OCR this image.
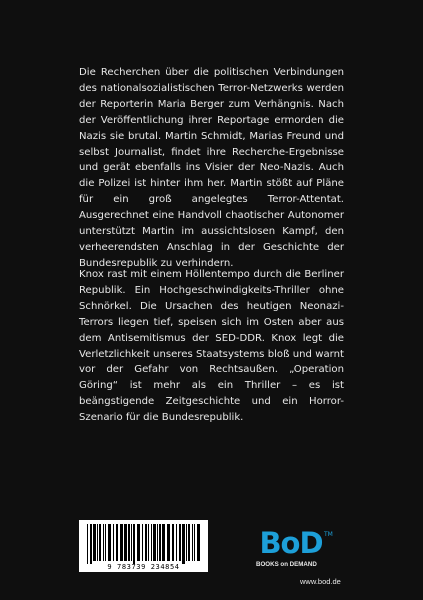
Die Recherchen über die politischen Verbindungen des nationalsozialistischen Terror-Netzwerks werden der Reporterin Maria Berger zum Verhängnis. Nach der Veröffentlichung ihrer Reportage ermorden die Nazis sie brutal. Martin Schmidt, Marias Freund und selbst Journalist, findet ihre Recherche-Ergebnisse und gerät ebenfalls ins Visier der Neo-Nazis. Auch die Polizei ist hinter ihm her. Martin stößt auf Pläne für ein groß angelegtes Terror-Attentat. Ausgerechnet eine Handvoll chaotischer Autonomer unterstützt Martin im aussichtslosen Kampf, den verheerendsten Anschlag in der Geschichte der Bundesrepublik zu verhindern.

Knox rast mit einem Höllentempo durch die Berliner Republik. Ein Hochgeschwindigkeits-Thriller ohne Schnörkel. Die Ursachen des heutigen Neonazi-Terrors liegen tief, speisen sich im Osten aber aus dem Antisemitismus der SED-DDR. Knox legt die Verletzlichkeit unseres Staatsystems bloß und warnt vor der Gefahr von Rechtsaußen. „Operation Göring“ ist mehr als ein Thriller – es ist beängstigende Zeitgeschichte und ein Horror-Szenario für die Bundesrepublik.

9 783739 234854
BoD TM
BOOKS on DEMAND
www.bod.de
